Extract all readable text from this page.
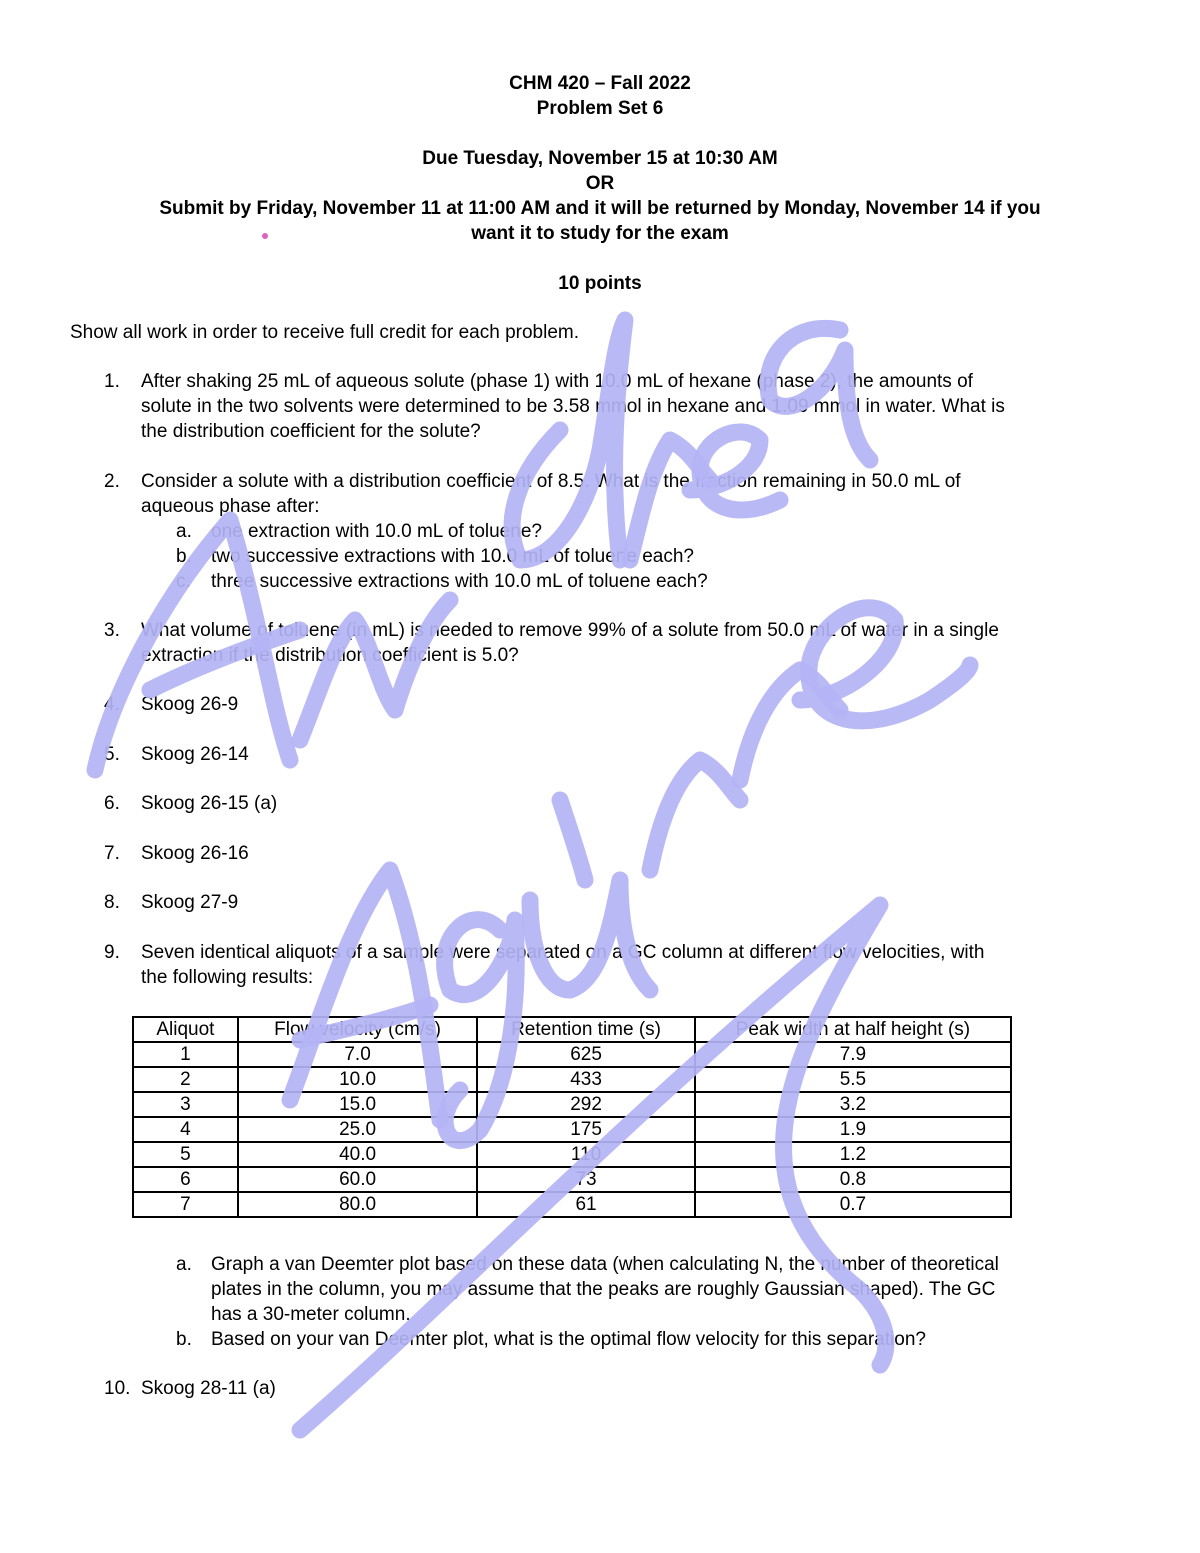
CHM 420 – Fall 2022
Problem Set 6
Due Tuesday, November 15 at 10:30 AM
OR
Submit by Friday, November 11 at 11:00 AM and it will be returned by Monday, November 14 if you
want it to study for the exam
10 points
Show all work in order to receive full credit for each problem.
1. After shaking 25 mL of aqueous solute (phase 1) with 10.0 mL of hexane (phase 2), the amounts of
solute in the two solvents were determined to be 3.58 mmol in hexane and 1.09 mmol in water. What is
the distribution coefficient for the solute?
2. Consider a solute with a distribution coefficient of 8.5. What is the fraction remaining in 50.0 mL of
aqueous phase after:
a. one extraction with 10.0 mL of toluene?
b. two successive extractions with 10.0 mL of toluene each?
c. three successive extractions with 10.0 mL of toluene each?
3. What volume of toluene (in mL) is needed to remove 99% of a solute from 50.0 mL of water in a single
extraction if the distribution coefficient is 5.0?
4. Skoog 26-9
5. Skoog 26-14
6. Skoog 26-15 (a)
7. Skoog 26-16
8. Skoog 27-9
9. Seven identical aliquots of a sample were separated on a GC column at different flow velocities, with
the following results:
Aliquot	Flow velocity (cm/s)	Retention time (s)	Peak width at half height (s)
1	7.0	625	7.9
2	10.0	433	5.5
3	15.0	292	3.2
4	25.0	175	1.9
5	40.0	110	1.2
6	60.0	73	0.8
7	80.0	61	0.7
a. Graph a van Deemter plot based on these data (when calculating N, the number of theoretical
plates in the column, you may assume that the peaks are roughly Gaussian shaped). The GC
has a 30-meter column.
b. Based on your van Deemter plot, what is the optimal flow velocity for this separation?
10. Skoog 28-11 (a)
